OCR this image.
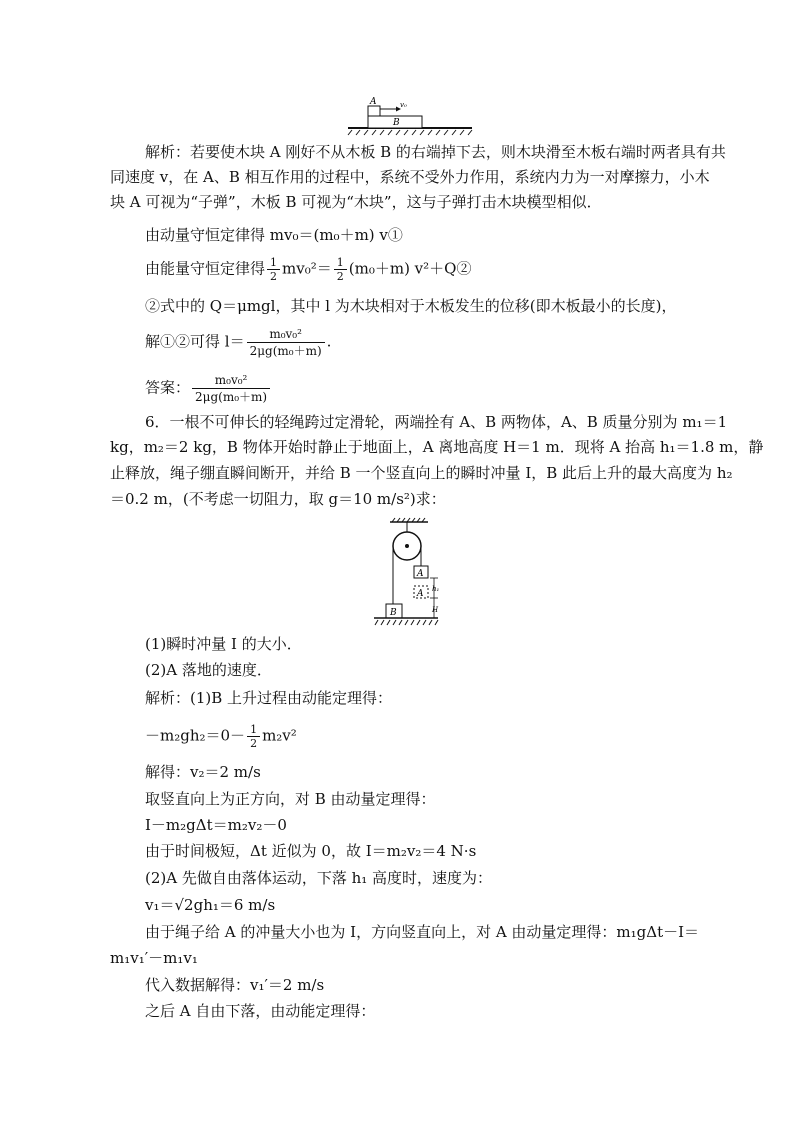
A	v₀
B
解析：若要使木块 A 刚好不从木板 B 的右端掉下去，则木块滑至木板右端时两者具有共
同速度 v，在 A、B 相互作用的过程中，系统不受外力作用，系统内力为一对摩擦力，小木
块 A 可视为“子弹”，木板 B 可视为“木块”，这与子弹打击木块模型相似．
由动量守恒定律得 mv₀＝(m₀＋m) v①
由能量守恒定律得 $\frac{1}{2} mv_0^2= \frac{1}{2} (m_0+m)$ v²＋Q②
②式中的 Q＝μmgl，其中 l 为木块相对于木板发生的位移(即木板最小的长度)，
解①②可得 $l= \frac{\text{m₀v₀²}}{\text{2μg(m₀＋m)}}$ .
答案： $\frac{\text{m₀v₀²}}{\text{2μg(m₀＋m)}}$
6．一根不可伸长的轻绳跨过定滑轮，两端拴有 A、B 两物体，A、B 质量分别为 m₁＝1
kg，m₂＝2 kg，B 物体开始时静止于地面上，A 离地高度 H＝1 m．现将 A 抬高 h₁＝1.8 m，静
止释放，绳子绷直瞬间断开，并给 B 一个竖直向上的瞬时冲量 I，B 此后上升的最大高度为 h₂
＝0.2 m，(不考虑一切阻力，取 g＝10 m/s²)求：
A
A h₁
H
B
(1)瞬时冲量 I 的大小．
(2)A 落地的速度．
解析：(1)B 上升过程由动能定理得：
$-m_2gh_2=0- \frac{1}{2} m_2v^2$
解得：v₂＝2 m/s
取竖直向上为正方向，对 B 由动量定理得：
I－m₂gΔt＝m₂v₂－0
由于时间极短，Δt 近似为 0，故 I＝m₂v₂＝4 N·s
(2)A 先做自由落体运动，下落 h₁ 高度时，速度为：
v₁＝√2gh₁＝6 m/s
由于绳子给 A 的冲量大小也为 I，方向竖直向上，对 A 由动量定理得：m₁gΔt－I＝
m₁v₁′－m₁v₁
代入数据解得：v₁′＝2 m/s
之后 A 自由下落，由动能定理得：
